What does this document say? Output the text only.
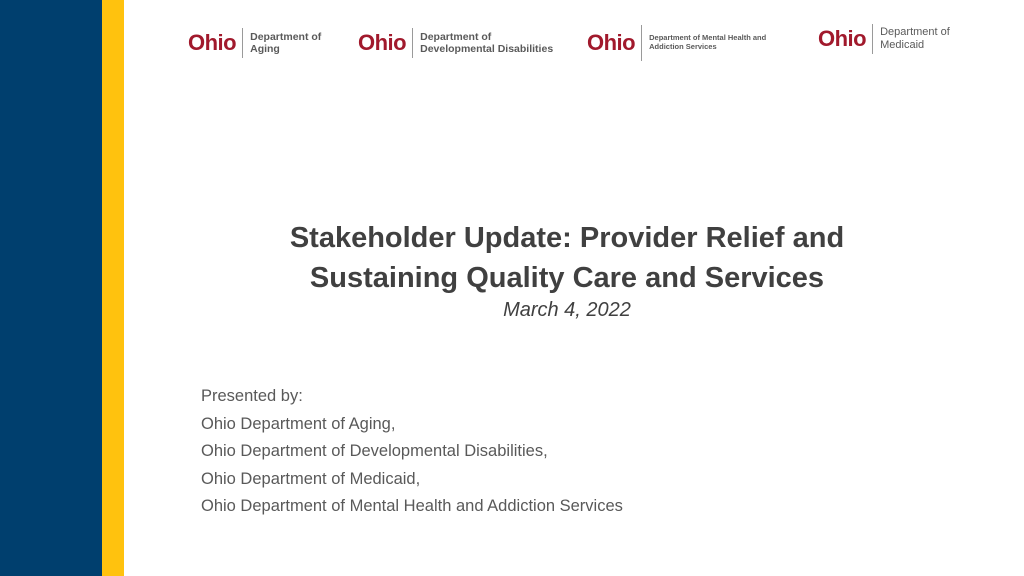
Ohio Department of
Aging	Ohio Department of
Developmental Disabilities Ohio Department of Mental Health and
Addiction Services	Ohio Department of
Medicaid
Stakeholder Update: Provider Relief and
Sustaining Quality Care and Services
March 4, 2022
Presented by:
Ohio Department of Aging,
Ohio Department of Developmental Disabilities,
Ohio Department of Medicaid,
Ohio Department of Mental Health and Addiction Services
